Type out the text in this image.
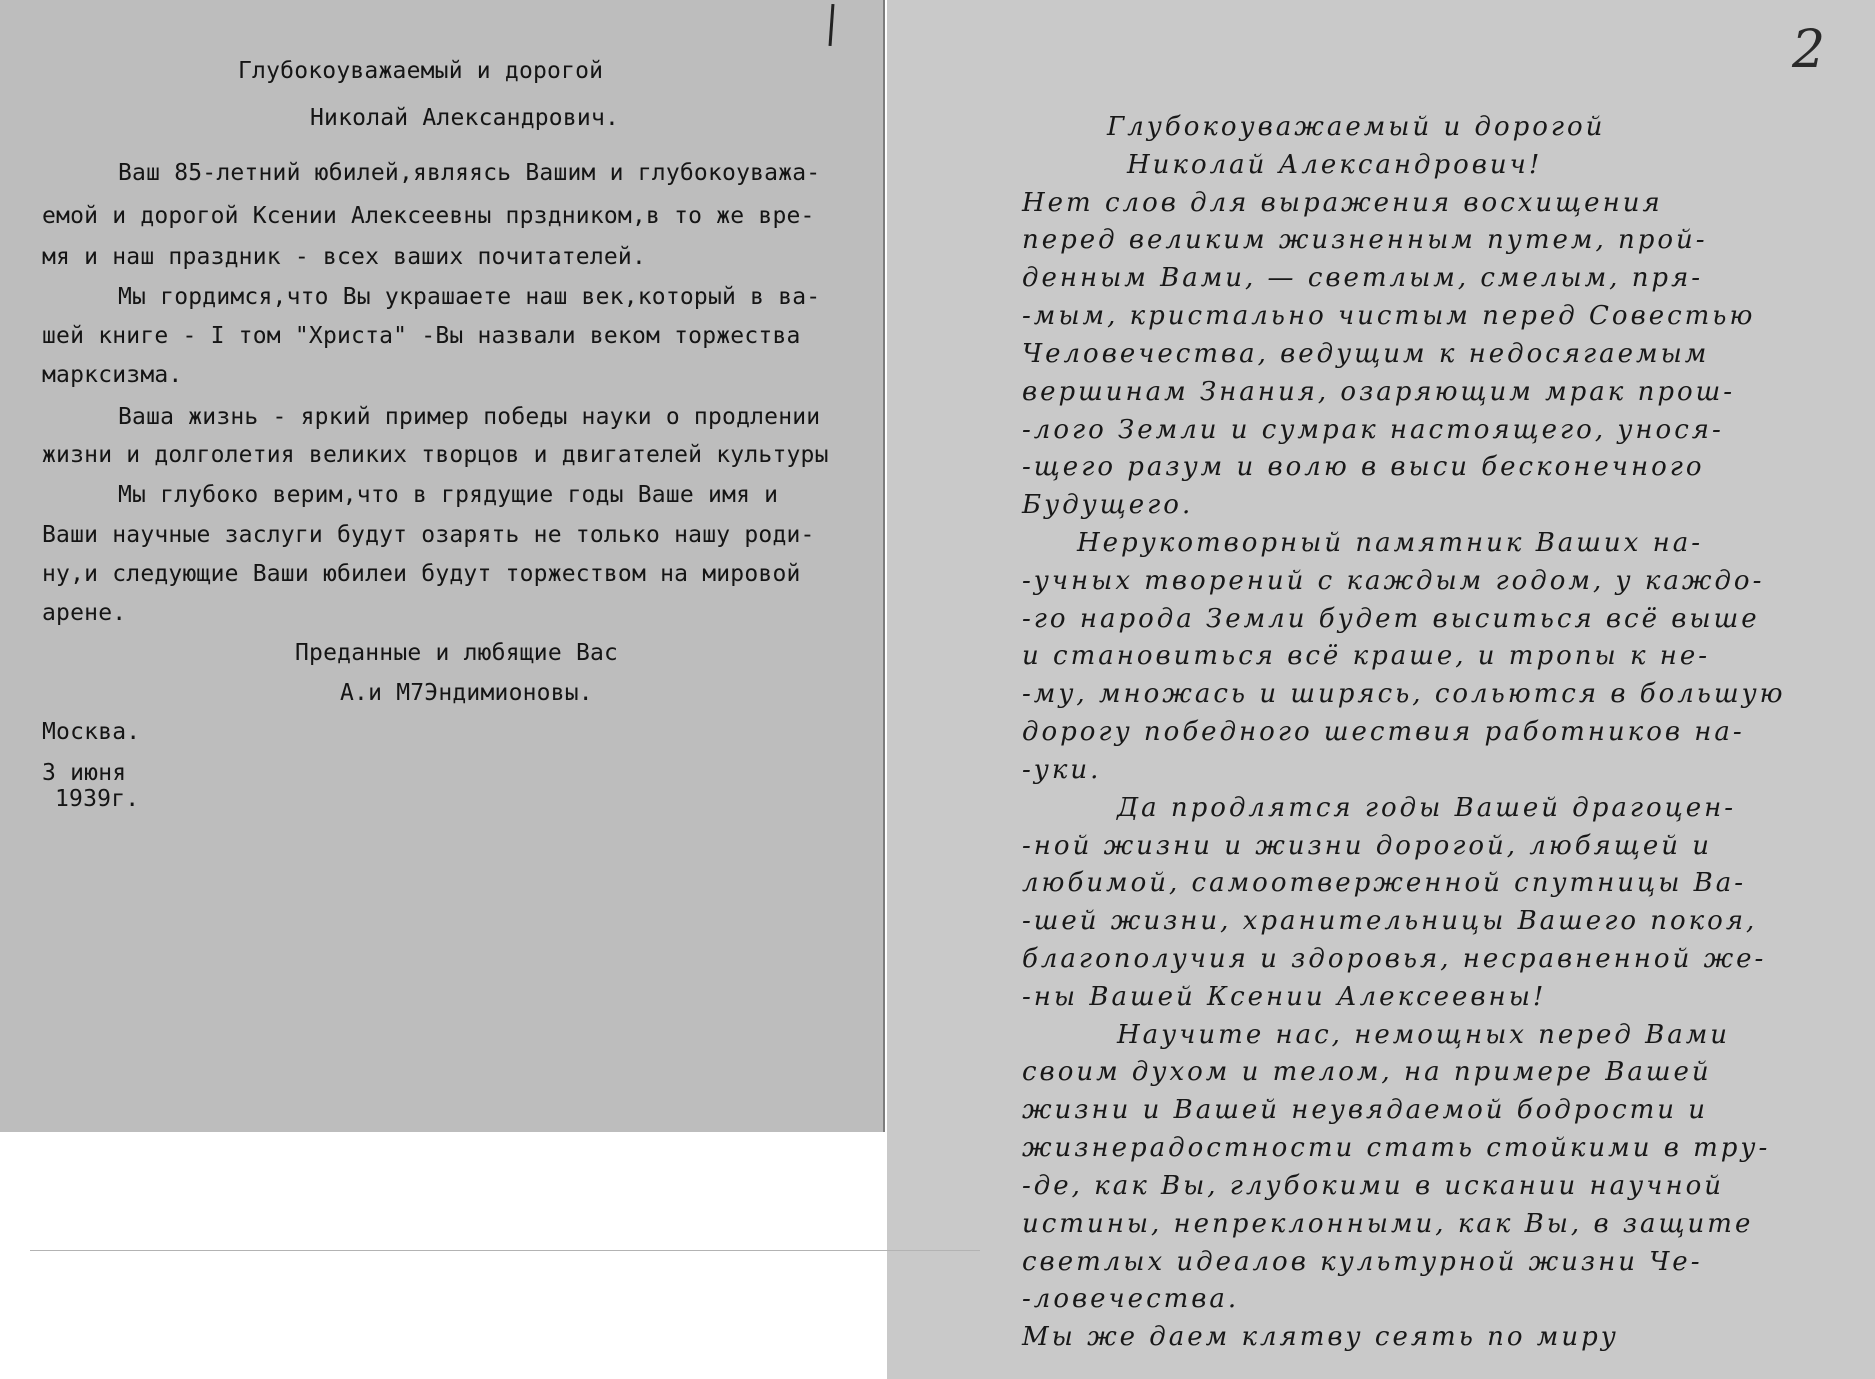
Глубокоуважаемый и дорогой
Николай Александрович.
Ваш 85-летний юбилей,являясь Вашим и глубокоуважа-
емой и дорогой Ксении Алексеевны прздником,в то же вре-
мя и наш праздник - всех ваших почитателей.
Мы гордимся,что Вы украшаете наш век,который в ва-
шей книге - I том "Христа" -Вы назвали веком торжества
марксизма.
Ваша жизнь - яркий пример победы науки о продлении
жизни и долголетия великих творцов и двигателей культуры
Мы глубоко верим,что в грядущие годы Ваше имя и
Ваши научные заслуги будут озарять не только нашу роди-
ну,и следующие Ваши юбилеи будут торжеством на мировой
арене.
Преданные и любящие Вас
А.и М7Эндимионовы.
Москва.
3 июня
1939г.
2
Глубокоуважаемый и дорогой
Николай Александрович!
Нет слов для выражения восхищения
перед великим жизненным путем, прой-
денным Вами, — светлым, смелым, пря-
-мым, кристально чистым перед Совестью
Человечества, ведущим к недосягаемым
вершинам Знания, озаряющим мрак прош-
-лого Земли и сумрак настоящего, унося-
-щего разум и волю в выси бесконечного
Будущего.
Нерукотворный памятник Ваших на-
-учных творений с каждым годом, у каждо-
-го народа Земли будет выситься всё выше
и становиться всё краше, и тропы к не-
-му, множась и ширясь, сольются в большую
дорогу победного шествия работников на-
-уки.
Да продлятся годы Вашей драгоцен-
-ной жизни и жизни дорогой, любящей и
любимой, самоотверженной спутницы Ва-
-шей жизни, хранительницы Вашего покоя,
благополучия и здоровья, несравненной же-
-ны Вашей Ксении Алексеевны!
Научите нас, немощных перед Вами
своим духом и телом, на примере Вашей
жизни и Вашей неувядаемой бодрости и
жизнерадостности стать стойкими в тру-
-де, как Вы, глубокими в искании научной
истины, непреклонными, как Вы, в защите
светлых идеалов культурной жизни Че-
-ловечества.
Мы же даем клятву сеять по миру
